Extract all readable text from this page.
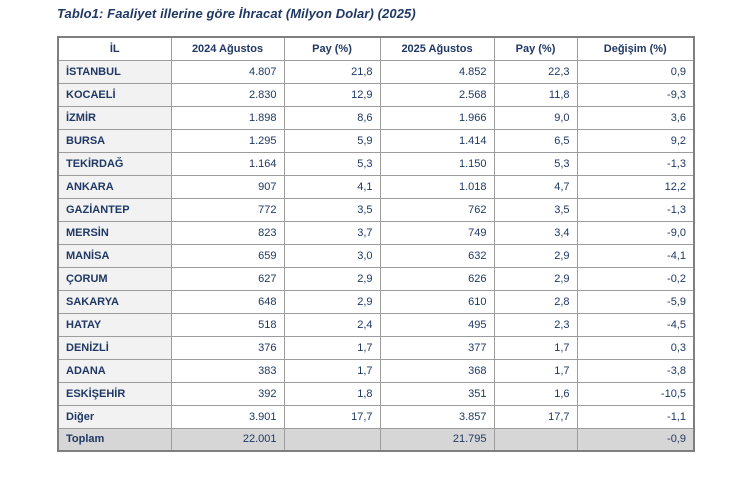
Tablo1: Faaliyet illerine göre İhracat (Milyon Dolar) (2025)

İL	2024 Ağustos	Pay (%)	2025 Ağustos	Pay (%)	Değişim (%)
İSTANBUL	4.807	21,8	4.852	22,3	0,9
KOCAELİ	2.830	12,9	2.568	11,8	-9,3
İZMİR	1.898	8,6	1.966	9,0	3,6
BURSA	1.295	5,9	1.414	6,5	9,2
TEKİRDAĞ	1.164	5,3	1.150	5,3	-1,3
ANKARA	907	4,1	1.018	4,7	12,2
GAZİANTEP	772	3,5	762	3,5	-1,3
MERSİN	823	3,7	749	3,4	-9,0
MANİSA	659	3,0	632	2,9	-4,1
ÇORUM	627	2,9	626	2,9	-0,2
SAKARYA	648	2,9	610	2,8	-5,9
HATAY	518	2,4	495	2,3	-4,5
DENİZLİ	376	1,7	377	1,7	0,3
ADANA	383	1,7	368	1,7	-3,8
ESKİŞEHİR	392	1,8	351	1,6	-10,5
Diğer	3.901	17,7	3.857	17,7	-1,1
Toplam	22.001		21.795		-0,9
